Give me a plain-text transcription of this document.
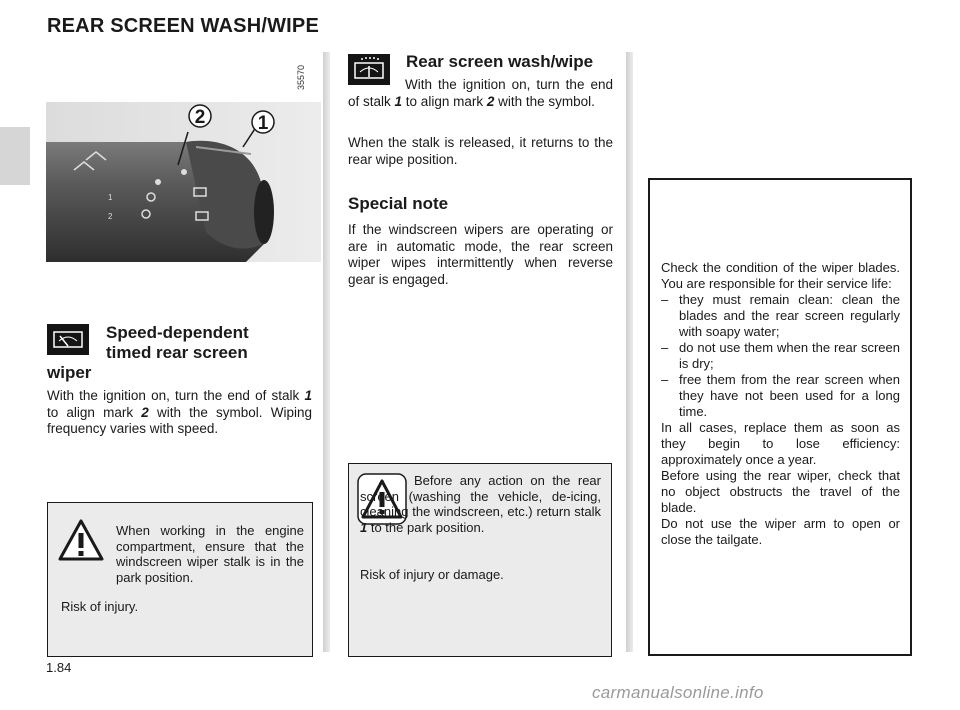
REAR SCREEN WASH/WIPE
35570
1
2
2	1
Speed-dependent
timed rear screen
wiper
With the ignition on, turn the end of stalk 1 to align mark 2 with the symbol. Wiping frequency varies with speed.
When working in the engine compartment, ensure that the windscreen wiper stalk is in the park position.
Risk of injury.
Rear screen wash/wipe
With the ignition on, turn the end of stalk 1 to align mark 2 with the symbol.
When the stalk is released, it returns to the rear wipe position.
Special note
If the windscreen wipers are operating or are in automatic mode, the rear screen wiper wipes intermittently when reverse gear is engaged.
Before any action on the rear screen (washing the vehicle, de-icing, cleaning the windscreen, etc.) return stalk 1 to the park position.
Risk of injury or damage.
Check the condition of the wiper blades. You are responsible for their service life:
– they must remain clean: clean the blades and the rear screen regularly with soapy water;
– do not use them when the rear screen is dry;
– free them from the rear screen when they have not been used for a long time.
In all cases, replace them as soon as they begin to lose efficiency: approximately once a year.
Before using the rear wiper, check that no object obstructs the travel of the blade.
Do not use the wiper arm to open or close the tailgate.
1.84
carmanualsonline.info
